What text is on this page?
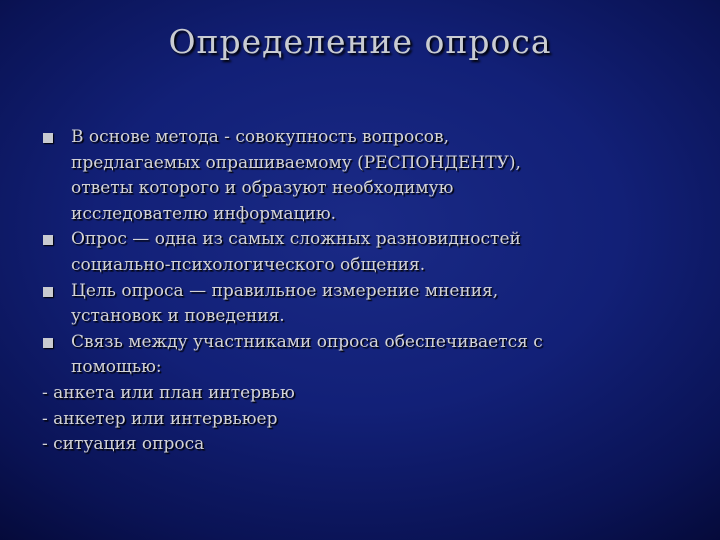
Определение опроса
В основе метода - совокупность вопросов,
предлагаемых опрашиваемому (РЕСПОНДЕНТУ),
ответы которого и образуют необходимую
исследователю информацию.
Опрос — одна из самых сложных разновидностей
социально-психологического общения.
Цель опроса — правильное измерение мнения,
установок и поведения.
Связь между участниками опроса обеспечивается с
помощью:
- анкета или план интервью
- анкетер или интервьюер
- ситуация опроса
